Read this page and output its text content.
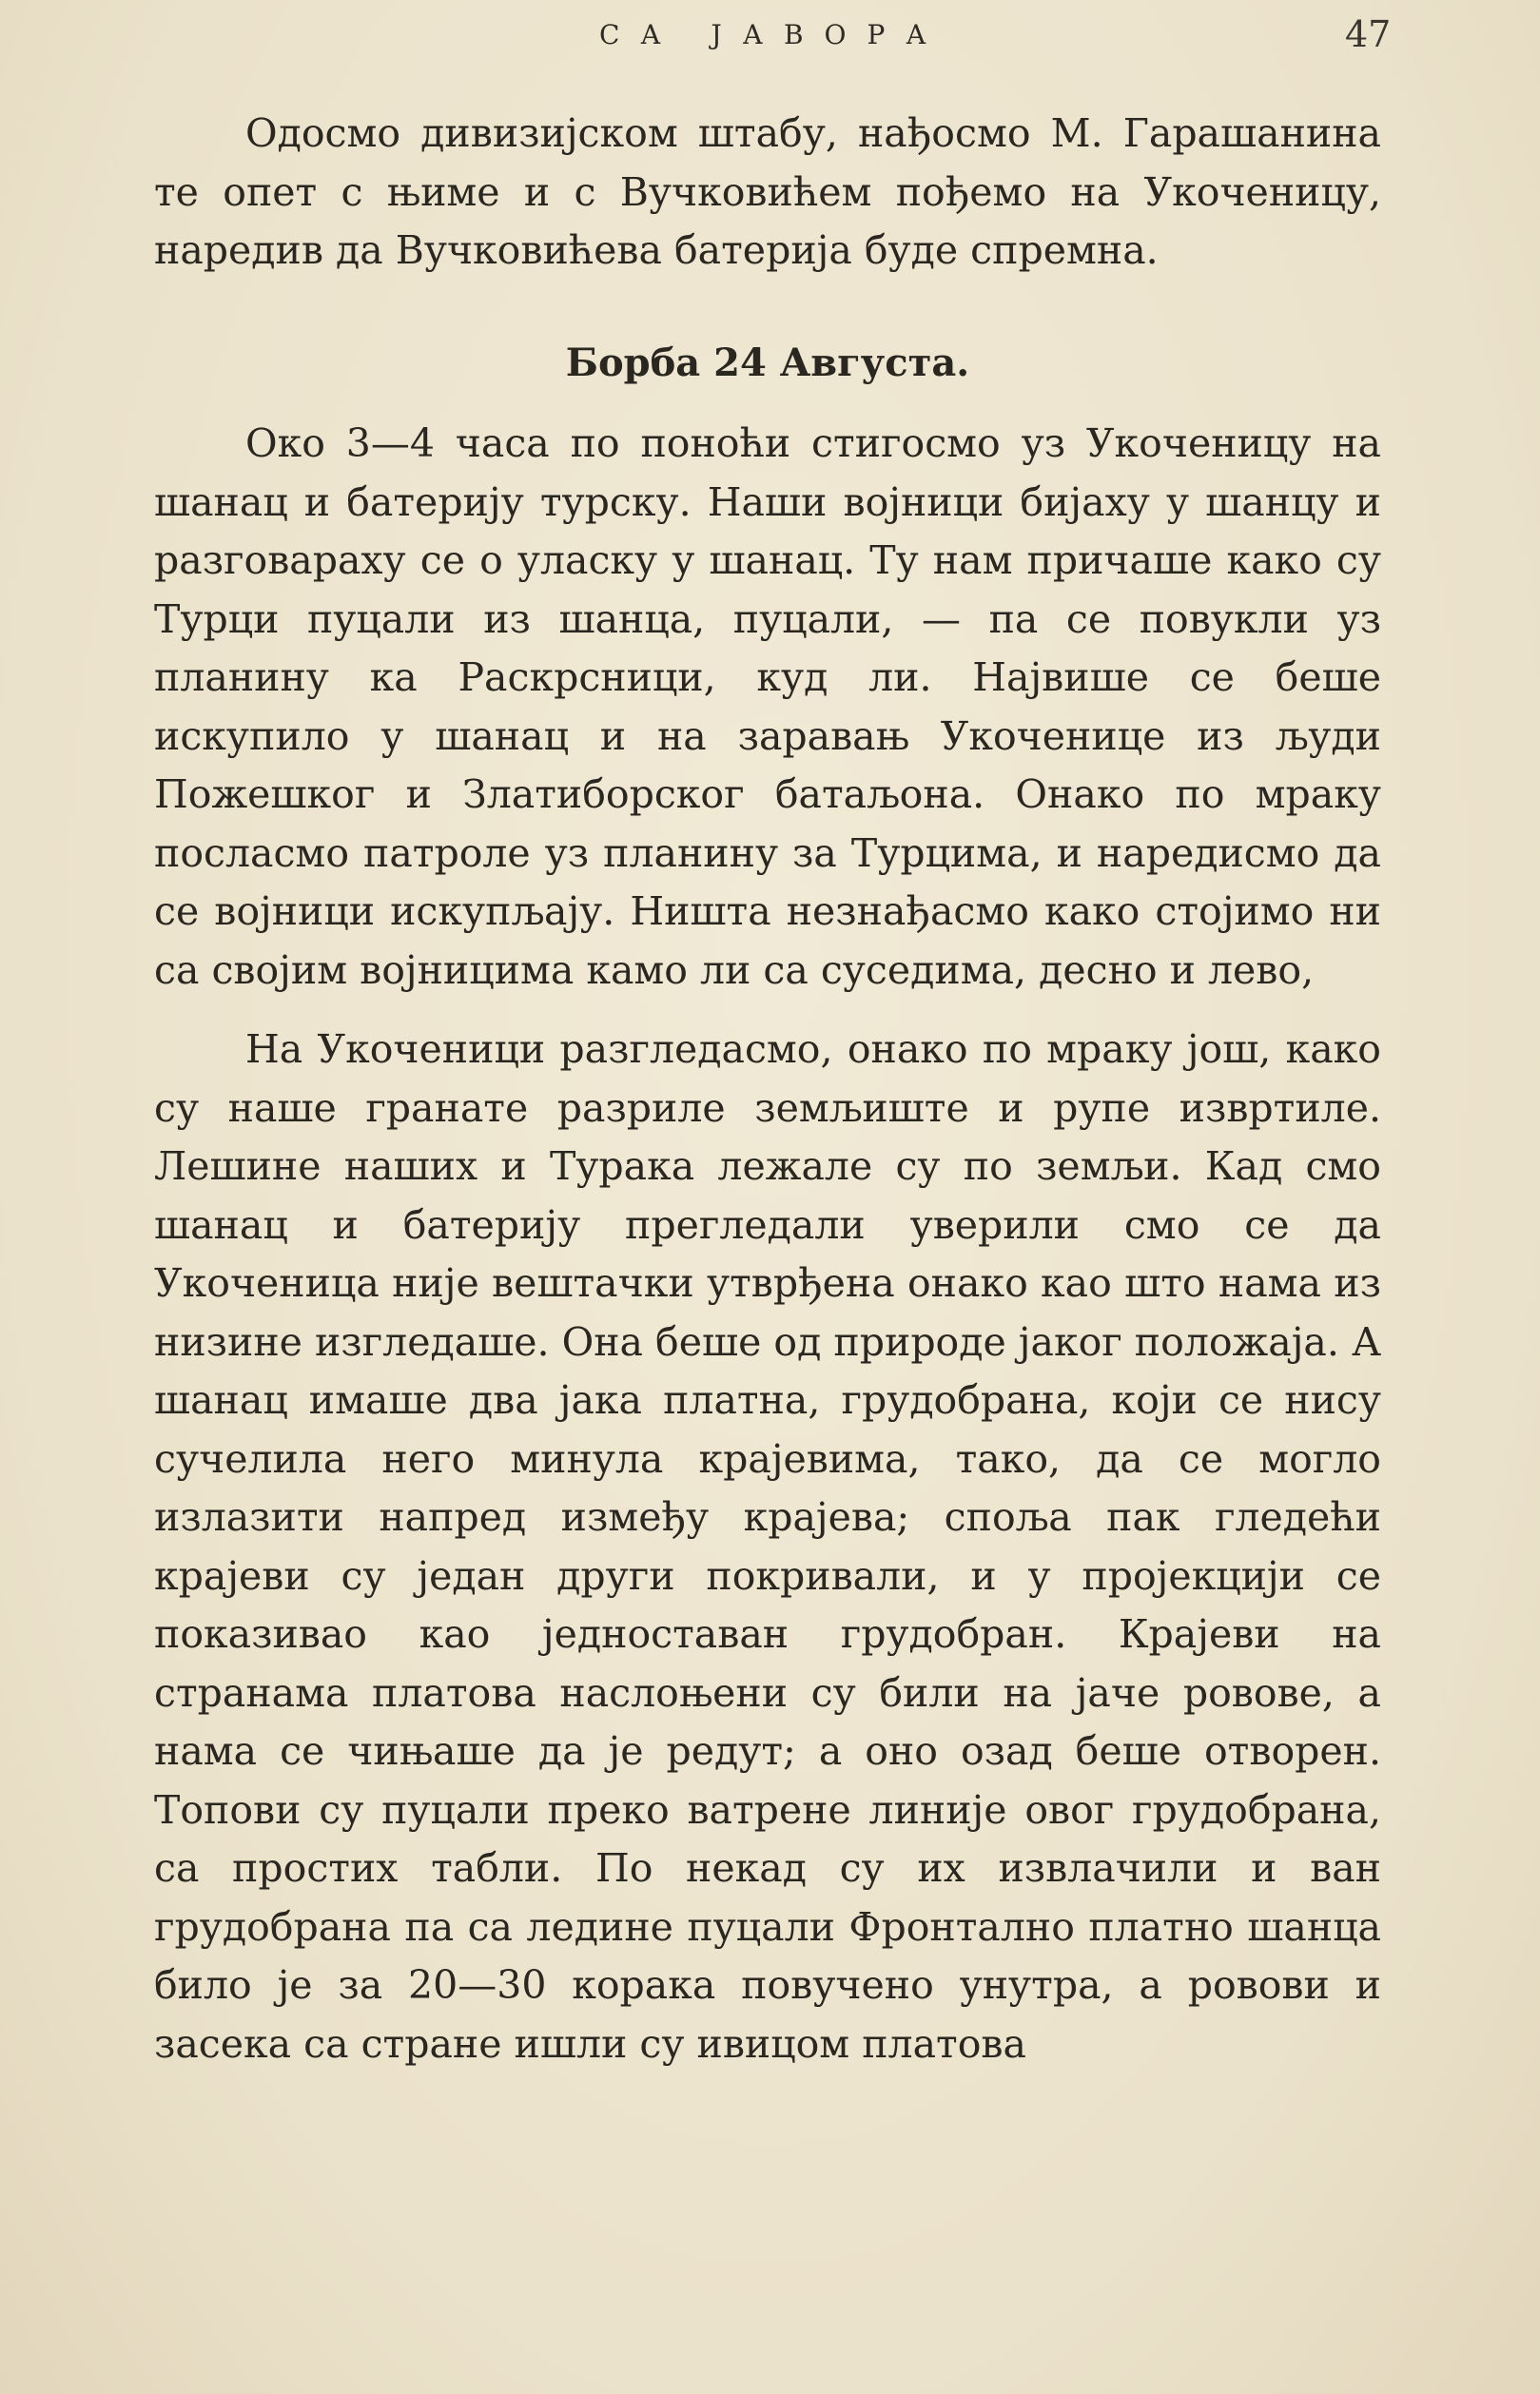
СА ЈАВОРА	47

Одосмо дивизијском штабу, нађосмо М. Гарашанина те опет с њиме и с Вучковићем пођемо на Укоченицу, наредив да Вучковићева батерија буде спремна.

Борба 24 Августа.

Око 3—4 часа по поноћи стигосмо уз Укоченицу на шанац и батерију турску. Наши војници бијаху у шанцу и разговараху се о уласку у шанац. Ту нам причаше како су Турци пуцали из шанца, пуцали, — па се повукли уз планину ка Раскрсници, куд ли. Највише се беше искупило у шанац и на заравањ Укоченице из људи Пожешког и Златиборског батаљона. Онако по мраку посласмо патроле уз планину за Турцима, и наредисмо да се војници искупљају. Ништа незнађасмо како стојимо ни са својим војницима камо ли са суседима, десно и лево,

На Укоченици разгледасмо, онако по мраку још, како су наше гранате разриле земљиште и рупе извртиле. Лешине наших и Турака лежале су по земљи. Кад смо шанац и батерију прегледали уверили смо се да Укоченица није вештачки утврђена онако као што нама из низине изгледаше. Она беше од природе јаког положаја. А шанац имаше два јака платна, грудобрана, који се нису сучелила него минула крајевима, тако, да се могло излазити напред између крајева; споља пак гледећи крајеви су један други покривали, и у пројекцији се показивао као једноставан грудобран. Крајеви на странама платова наслоњени су били на јаче ровове, а нама се чињаше да је редут; а оно озад беше отворен. Топови су пуцали преко ватрене линије овог грудобрана, са простих табли. По некад су их извлачили и ван грудобрана па са ледине пуцали Фронтално платно шанца било је за 20—30 корака повучено унутра, а ровови и засека са стране ишли су ивицом платова
